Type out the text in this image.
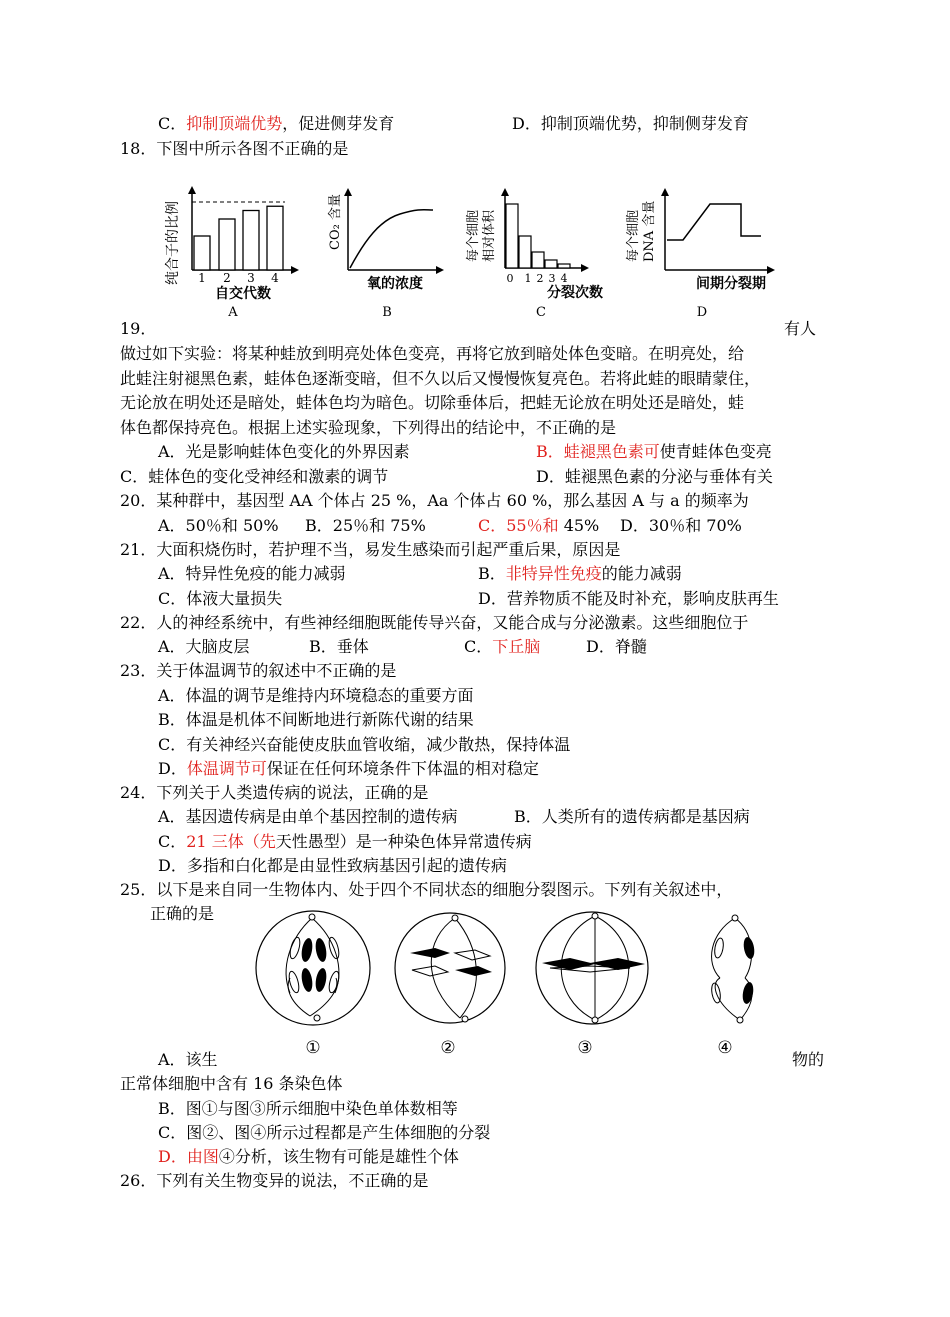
C．抑制顶端优势，促进侧芽发育	D．抑制顶端优势，抑制侧芽发育
18．下图中所示各图不正确的是
纯合子的比例 1 2 3 4
自交代数
A
CO₂ 含量
氧的浓度
B
每个细胞 相对体积
0 1 2 3 4
分裂次数
C
每个细胞 DNA 含量
间期分裂期
D
19．	有人
做过如下实验：将某种蛙放到明亮处体色变亮，再将它放到暗处体色变暗。在明亮处，给
此蛙注射褪黑色素，蛙体色逐渐变暗，但不久以后又慢慢恢复亮色。若将此蛙的眼睛蒙住，
无论放在明处还是暗处，蛙体色均为暗色。切除垂体后，把蛙无论放在明处还是暗处，蛙
体色都保持亮色。根据上述实验现象，下列得出的结论中，不正确的是
A．光是影响蛙体色变化的外界因素	B．蛙褪黑色素可使青蛙体色变亮
C．蛙体色的变化受神经和激素的调节	D．蛙褪黑色素的分泌与垂体有关
20．某种群中，基因型 AA 个体占 25 %，Aa 个体占 60 %，那么基因 A 与 a 的频率为
A．50％和 50% B．25％和 75%	C．55％和 45% D．30％和 70%
21．大面积烧伤时，若护理不当，易发生感染而引起严重后果，原因是
A．特异性免疫的能力减弱	B．非特异性免疫的能力减弱
C．体液大量损失	D．营养物质不能及时补充，影响皮肤再生
22．人的神经系统中，有些神经细胞既能传导兴奋，又能合成与分泌激素。这些细胞位于
A．大脑皮层	B．垂体	C．下丘脑	D．脊髓
23．关于体温调节的叙述中不正确的是
A．体温的调节是维持内环境稳态的重要方面
B．体温是机体不间断地进行新陈代谢的结果
C．有关神经兴奋能使皮肤血管收缩，减少散热，保持体温
D．体温调节可保证在任何环境条件下体温的相对稳定
24．下列关于人类遗传病的说法，正确的是
A．基因遗传病是由单个基因控制的遗传病	B．人类所有的遗传病都是基因病
C．21 三体（先天性愚型）是一种染色体异常遗传病
D．多指和白化都是由显性致病基因引起的遗传病
25．以下是来自同一生物体内、处于四个不同状态的细胞分裂图示。下列有关叙述中，
正确的是
①	②	③	④
A．该生	物的
正常体细胞中含有 16 条染色体
B．图①与图③所示细胞中染色单体数相等
C．图②、图④所示过程都是产生体细胞的分裂
D．由图④分析，该生物有可能是雄性个体
26．下列有关生物变异的说法，不正确的是
